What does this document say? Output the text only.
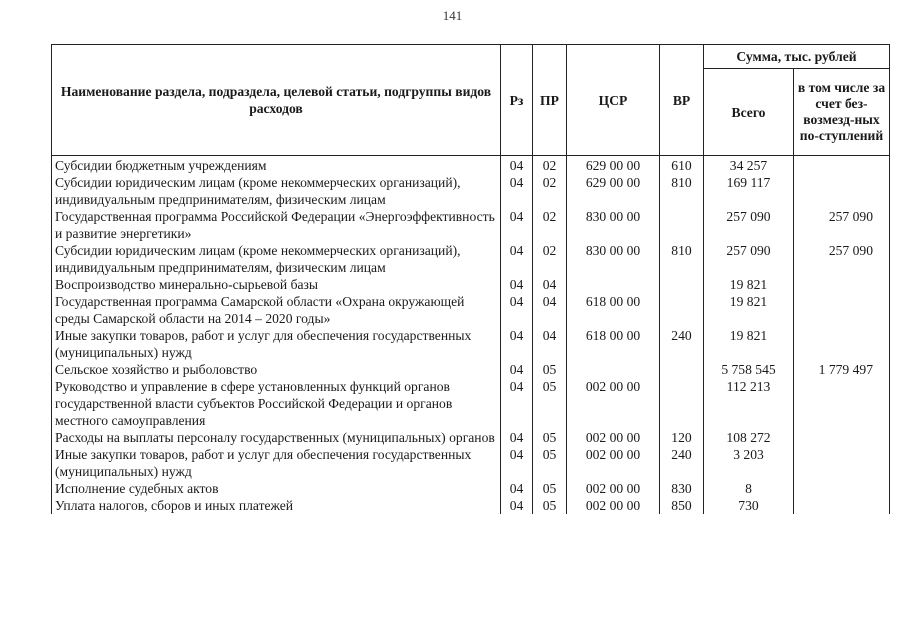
141
Наименование раздела, подраздела, целевой статьи, подгруппы видов расходов	Рз	ПР	ЦСР	ВР	Сумма, тыс. рублей	
					Всего	в том числе за счет без-возмезд-ных по-ступлений
Субсидии бюджетным учреждениям	04	02	629 00 00	610	34 257	
Субсидии юридическим лицам (кроме некоммерческих организаций), индивидуальным предпринимателям, физическим лицам	04	02	629 00 00	810	169 117	
Государственная программа Российской Федерации «Энергоэффективность и развитие энергетики»	04	02	830 00 00		257 090	257 090
Субсидии юридическим лицам (кроме некоммерческих организаций), индивидуальным предпринимателям, физическим лицам	04	02	830 00 00	810	257 090	257 090
Воспроизводство минерально-сырьевой базы	04	04			19 821	
Государственная программа Самарской области «Охрана окружающей среды Самарской области на 2014 – 2020 годы»	04	04	618 00 00		19 821	
Иные закупки товаров, работ и услуг для обеспечения государственных (муниципальных) нужд	04	04	618 00 00	240	19 821	
Сельское хозяйство и рыболовство	04	05			5 758 545	1 779 497
Руководство и управление в сфере установленных функций органов государственной власти субъектов Российской Федерации и органов местного самоуправления	04	05	002 00 00		112 213	
Расходы на выплаты персоналу государственных (муниципальных) органов	04	05	002 00 00	120	108 272	
Иные закупки товаров, работ и услуг для обеспечения государственных (муниципальных) нужд	04	05	002 00 00	240	3 203	
Исполнение судебных актов	04	05	002 00 00	830	8	
Уплата налогов, сборов и иных платежей	04	05	002 00 00	850	730	
